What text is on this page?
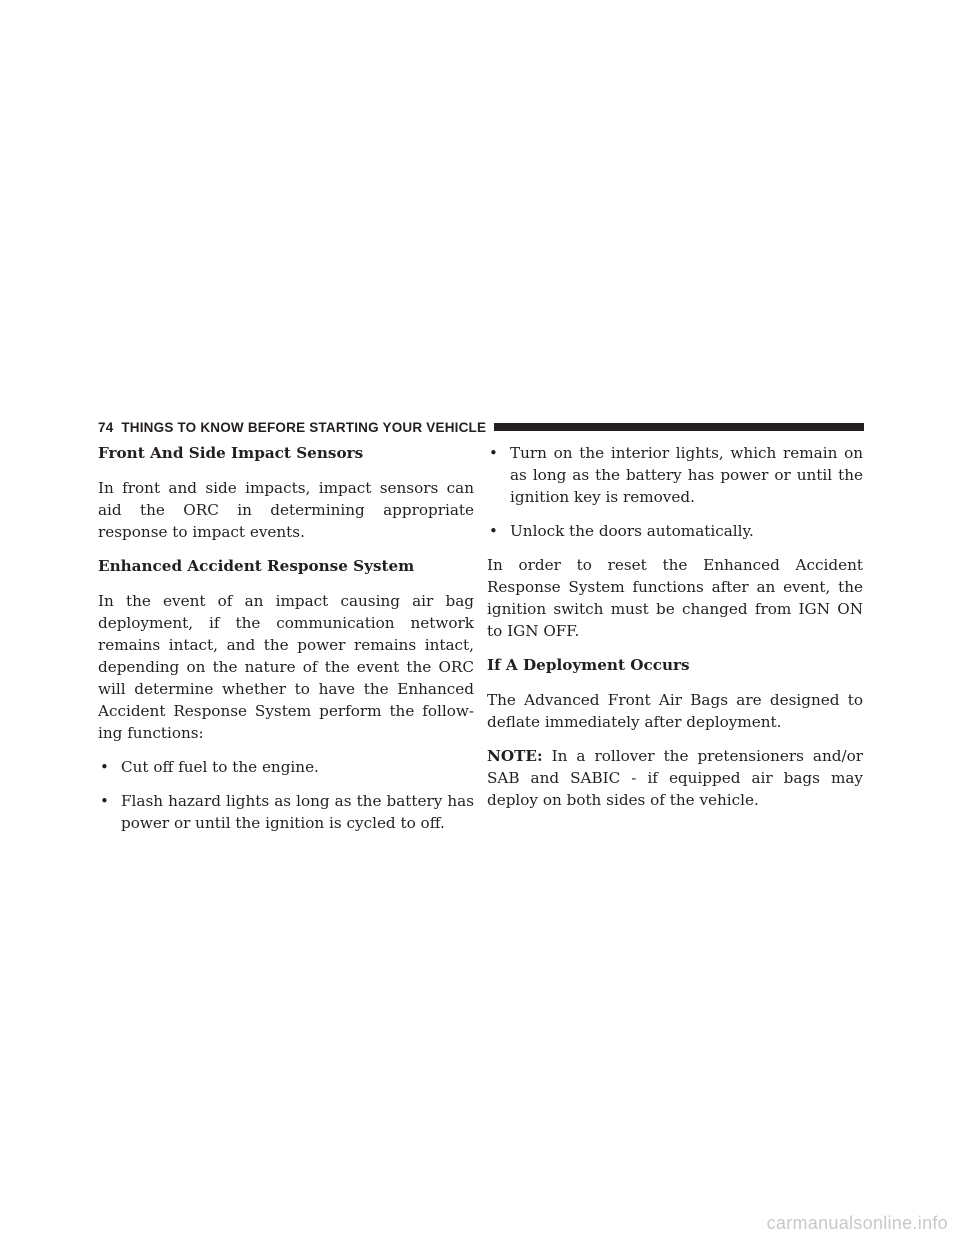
74 THINGS TO KNOW BEFORE STARTING YOUR VEHICLE
Front And Side Impact Sensors

In front and side impacts, impact sensors can aid the ORC in determining appropriate response to impact events.

Enhanced Accident Response System

In the event of an impact causing air bag deployment, if the communication network remains intact, and the power remains intact, depending on the nature of the event the ORC will determine whether to have the Enhanced Accident Response System perform the follow-ing functions:

• Cut off fuel to the engine.
• Flash hazard lights as long as the battery has power or until the ignition is cycled to off.
• Turn on the interior lights, which remain on as long as the battery has power or until the ignition key is removed.
• Unlock the doors automatically.

In order to reset the Enhanced Accident Response System functions after an event, the ignition switch must be changed from IGN ON to IGN OFF.

If A Deployment Occurs

The Advanced Front Air Bags are designed to deflate immediately after deployment.

NOTE: In a rollover the pretensioners and/or SAB and SABIC - if equipped air bags may deploy on both sides of the vehicle.

carmanualsonline.info
